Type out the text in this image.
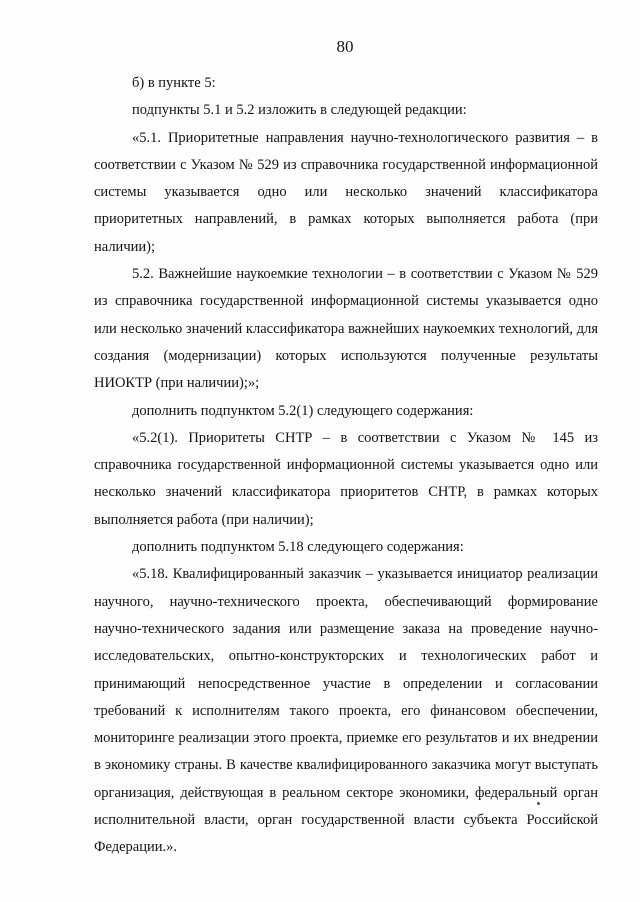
80

б) в пункте 5:

подпункты 5.1 и 5.2 изложить в следующей редакции:

«5.1. Приоритетные направления научно-технологического развития – в соответствии с Указом № 529 из справочника государственной информационной системы указывается одно или несколько значений классификатора приоритетных направлений, в рамках которых выполняется работа (при наличии);

5.2. Важнейшие наукоемкие технологии – в соответствии с Указом № 529 из справочника государственной информационной системы указывается одно или несколько значений классификатора важнейших наукоемких технологий, для создания (модернизации) которых используются полученные результаты НИОКТР (при наличии);»;

дополнить подпунктом 5.2(1) следующего содержания:

«5.2(1). Приоритеты СНТР – в соответствии с Указом № 145 из справочника государственной информационной системы указывается одно или несколько значений классификатора приоритетов СНТР, в рамках которых выполняется работа (при наличии);

дополнить подпунктом 5.18 следующего содержания:

«5.18. Квалифицированный заказчик – указывается инициатор реализации научного, научно-технического проекта, обеспечивающий формирование научно-технического задания или размещение заказа на проведение научно-исследовательских, опытно-конструкторских и технологических работ и принимающий непосредственное участие в определении и согласовании требований к исполнителям такого проекта, его финансовом обеспечении, мониторинге реализации этого проекта, приемке его результатов и их внедрении в экономику страны. В качестве квалифицированного заказчика могут выступать организация, действующая в реальном секторе экономики, федеральный орган исполнительной власти, орган государственной власти субъекта Российской Федерации.».
